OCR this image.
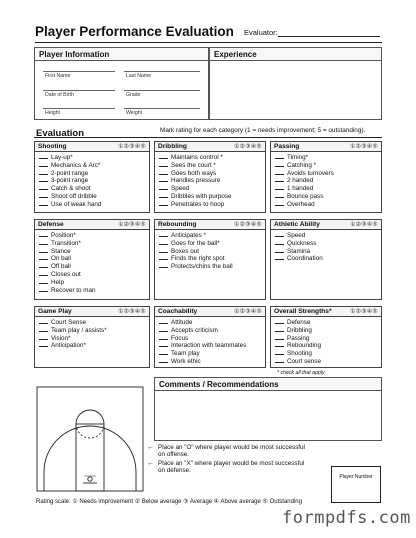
Player Performance Evaluation Evaluator:
Player Information
First Name	Last Name
Date of Birth	Grade
Height	Weight
Experience
Evaluation	Mark rating for each category (1 = needs improvement; 5 = outstanding).
Shooting	①②③④⑤
Lay-up*
Mechanics & Arc*
2-point range
3-point range
Catch & shoot
Shoot off dribble
Use of weak hand
Dribbling	①②③④⑤
Maintains control *
Sees the court *
Goes both ways
Handles pressure
Speed
Dribbles with purpose
Penetrates to hoop
Passing	①②③④⑤
Timing*
Catching *
Avoids turnovers
2 handed
1 handed
Bounce pass
Overhead
Defense	①②③④⑤
Position*
Transition*
Stance
On ball
Off ball
Closes out
Help
Recover to man
Rebounding	①②③④⑤
Anticipates *
Goes for the ball*
Boxes out
Finds the right spot
Protects/chins the ball
Athletic Ability	①②③④⑤
Speed
Quickness
Stamina
Coordination
Game Play	①②③④⑤
Court Sense
Team play / assists*
Vision*
Anticipation*
Coachability	①②③④⑤
Attitude
Accepts criticism
Focus
Interaction with teammates
Team play
Work ethic
Overall Strengths*	①②③④⑤
Defense
Dribbling
Passing
Rebounding
Shooting
Court sense
* check all that apply
Comments / Recommendations
← Place an "O" where player would be most successful
on offense.
← Place an "X" where player would be most successful
on defense.
Player Number
Rating scale: ① Needs improvement ② Below average ③ Average ④ Above average ⑤ Outstanding
formpdfs.com
